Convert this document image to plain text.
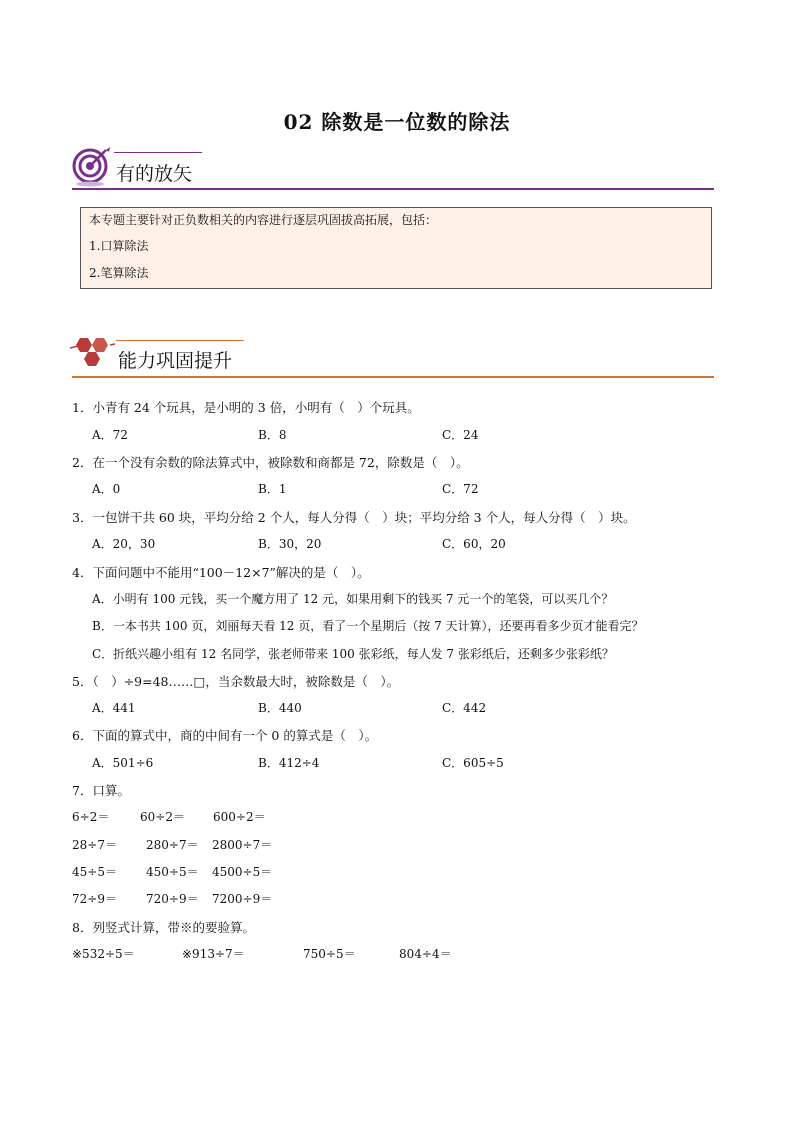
02 除数是一位数的除法
有的放矢
本专题主要针对正负数相关的内容进行逐层巩固拔高拓展，包括：
1.口算除法
2.笔算除法
能力巩固提升
1．小青有 24 个玩具，是小明的 3 倍，小明有（　）个玩具。
A．72	B．8	C．24
2．在一个没有余数的除法算式中，被除数和商都是 72，除数是（　）。
A．0	B．1	C．72
3．一包饼干共 60 块，平均分给 2 个人，每人分得（　）块；平均分给 3 个人，每人分得（　）块。
A．20，30	B．30，20	C．60，20
4．下面问题中不能用“100－12×7”解决的是（　）。
A．小明有 100 元钱，买一个魔方用了 12 元，如果用剩下的钱买 7 元一个的笔袋，可以买几个？
B．一本书共 100 页，刘丽每天看 12 页，看了一个星期后（按 7 天计算），还要再看多少页才能看完？
C．折纸兴趣小组有 12 名同学，张老师带来 100 张彩纸，每人发 7 张彩纸后，还剩多少张彩纸？
5．（　）÷9=48……□，当余数最大时，被除数是（　）。
A．441	B．440	C．442
6．下面的算式中，商的中间有一个 0 的算式是（　）。
A．501÷6	B．412÷4	C．605÷5
7．口算。
6÷2＝	60÷2＝ 600÷2＝
28÷7＝ 280÷7＝ 2800÷7＝
45÷5＝ 450÷5＝ 4500÷5＝
72÷9＝ 720÷9＝ 7200÷9＝
8．列竖式计算，带※的要验算。
※532÷5＝	※913÷7＝	750÷5＝	804÷4＝
